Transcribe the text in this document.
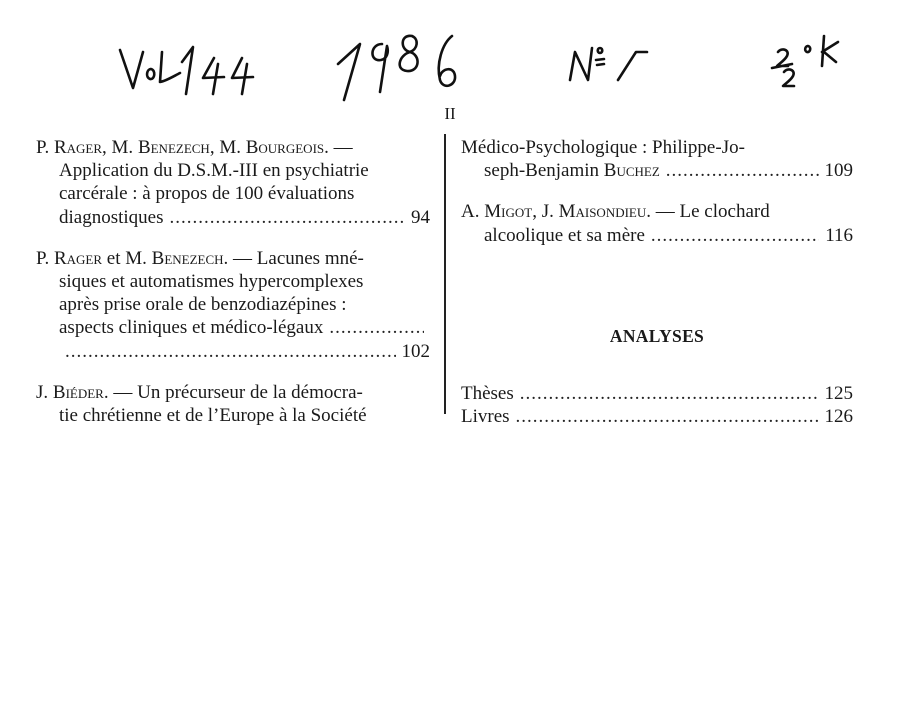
II
P. Rager, M. Benezech, M. Bourgeois. —
Application du D.S.M.-III en psychiatrie
carcérale : à propos de 100 évaluations
diagnostiques .....	94
P. Rager et M. Benezech. — Lacunes mné-
siques et automatismes hypercomplexes
après prise orale de benzodiazépines :
aspects cliniques et médico-légaux
.....
.....
102
J. Biéder. — Un précurseur de la démocra-
tie chrétienne et de l’Europe à la Société
Médico-Psychologique : Philippe-Jo-
seph-Benjamin Buchez .....	109
A. Migot, J. Maisondieu. — Le clochard
alcoolique et sa mère .....	116
ANALYSES
Thèses .....	125
Livres .....	126
